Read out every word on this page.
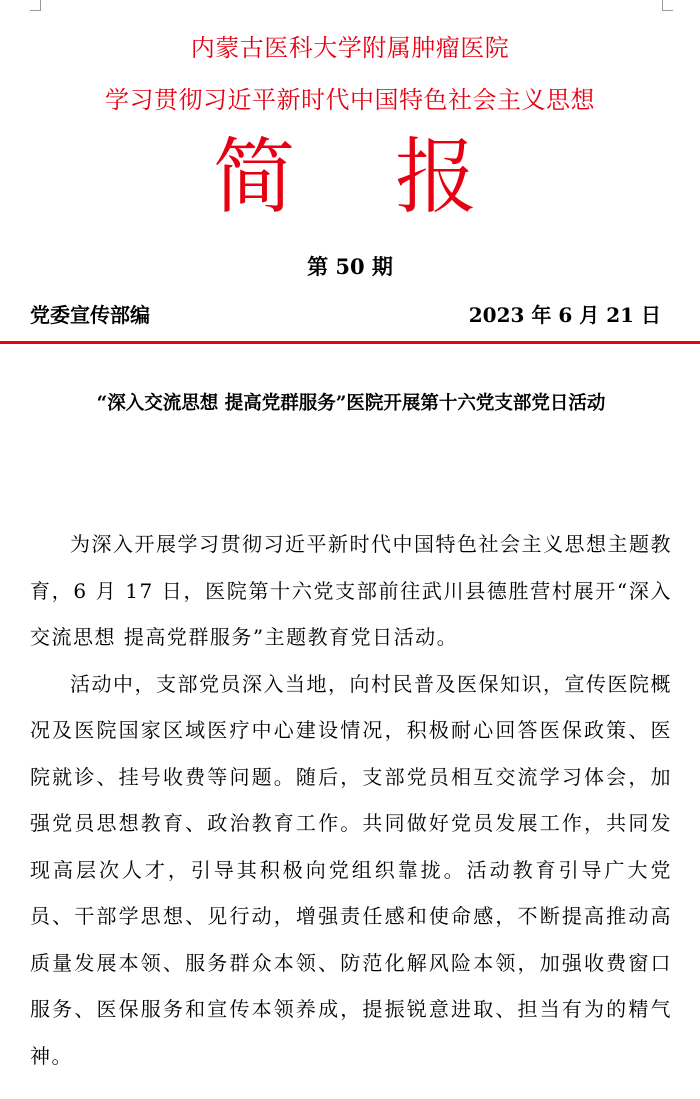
内蒙古医科大学附属肿瘤医院
学习贯彻习近平新时代中国特色社会主义思想
简 报
第 50 期
党委宣传部编	2023 年 6 月 21 日
“深入交流思想 提高党群服务”医院开展第十六党支部党日活动

为深入开展学习贯彻习近平新时代中国特色社会主义思想主题教育，6 月 17 日，医院第十六党支部前往武川县德胜营村展开“深入交流思想 提高党群服务”主题教育党日活动。

活动中，支部党员深入当地，向村民普及医保知识，宣传医院概况及医院国家区域医疗中心建设情况，积极耐心回答医保政策、医院就诊、挂号收费等问题。随后，支部党员相互交流学习体会，加强党员思想教育、政治教育工作。共同做好党员发展工作，共同发现高层次人才，引导其积极向党组织靠拢。活动教育引导广大党员、干部学思想、见行动，增强责任感和使命感，不断提高推动高质量发展本领、服务群众本领、防范化解风险本领，加强收费窗口服务、医保服务和宣传本领养成，提振锐意进取、担当有为的精气神。
